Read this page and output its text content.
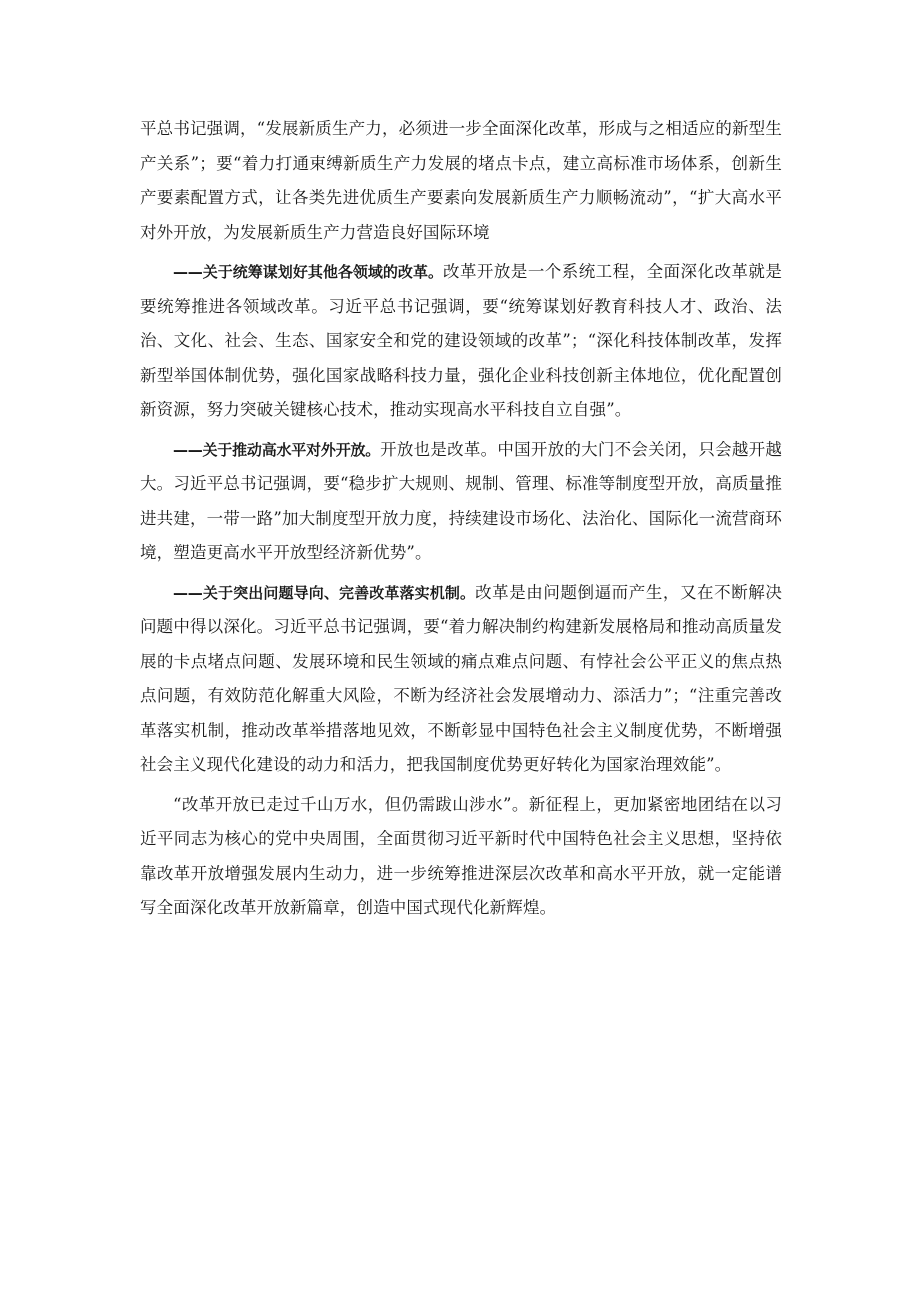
平总书记强调，“发展新质生产力，必须进一步全面深化改革，形成与之相适应的新型生产关系”；要“着力打通束缚新质生产力发展的堵点卡点，建立高标准市场体系，创新生产要素配置方式，让各类先进优质生产要素向发展新质生产力顺畅流动”，“扩大高水平对外开放，为发展新质生产力营造良好国际环境

——关于统筹谋划好其他各领域的改革。改革开放是一个系统工程，全面深化改革就是要统筹推进各领域改革。习近平总书记强调，要“统筹谋划好教育科技人才、政治、法治、文化、社会、生态、国家安全和党的建设领域的改革”；“深化科技体制改革，发挥新型举国体制优势，强化国家战略科技力量，强化企业科技创新主体地位，优化配置创新资源，努力突破关键核心技术，推动实现高水平科技自立自强”。

——关于推动高水平对外开放。开放也是改革。中国开放的大门不会关闭，只会越开越大。习近平总书记强调，要“稳步扩大规则、规制、管理、标准等制度型开放，高质量推进共建，一带一路”加大制度型开放力度，持续建设市场化、法治化、国际化一流营商环境，塑造更高水平开放型经济新优势”。

——关于突出问题导向、完善改革落实机制。改革是由问题倒逼而产生，又在不断解决问题中得以深化。习近平总书记强调，要“着力解决制约构建新发展格局和推动高质量发展的卡点堵点问题、发展环境和民生领域的痛点难点问题、有悖社会公平正义的焦点热点问题，有效防范化解重大风险，不断为经济社会发展增动力、添活力”；“注重完善改革落实机制，推动改革举措落地见效，不断彰显中国特色社会主义制度优势，不断增强社会主义现代化建设的动力和活力，把我国制度优势更好转化为国家治理效能”。

“改革开放已走过千山万水，但仍需跋山涉水”。新征程上，更加紧密地团结在以习近平同志为核心的党中央周围，全面贯彻习近平新时代中国特色社会主义思想，坚持依靠改革开放增强发展内生动力，进一步统筹推进深层次改革和高水平开放，就一定能谱写全面深化改革开放新篇章，创造中国式现代化新辉煌。
